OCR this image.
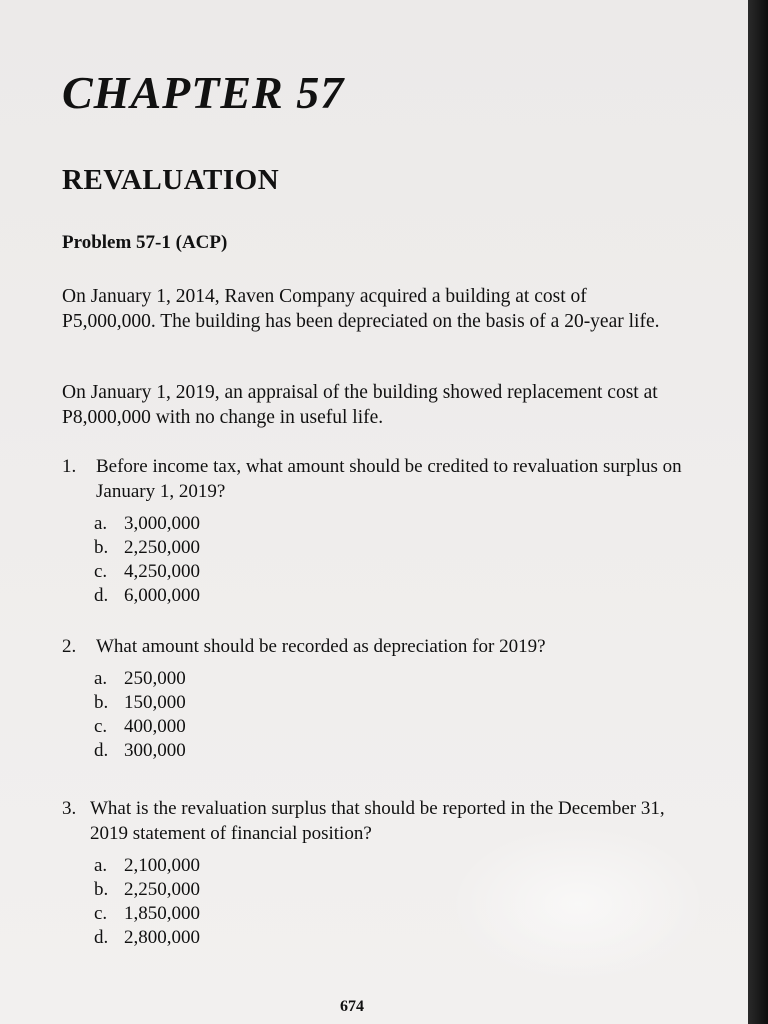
CHAPTER 57
REVALUATION
Problem 57-1 (ACP)

On January 1, 2014, Raven Company acquired a building at cost of P5,000,000. The building has been depreciated on the basis of a 20-year life.

On January 1, 2019, an appraisal of the building showed replacement cost at P8,000,000 with no change in useful life.

1.	Before income tax, what amount should be credited to revaluation surplus on January 1, 2019?
a. 3,000,000
b. 2,250,000
c. 4,250,000
d. 6,000,000
2.	What amount should be recorded as depreciation for 2019?
a. 250,000
b. 150,000
c. 400,000
d. 300,000
3. What is the revaluation surplus that should be reported in the December 31, 2019 statement of financial position?
a. 2,100,000
b. 2,250,000
c. 1,850,000
d. 2,800,000
674
